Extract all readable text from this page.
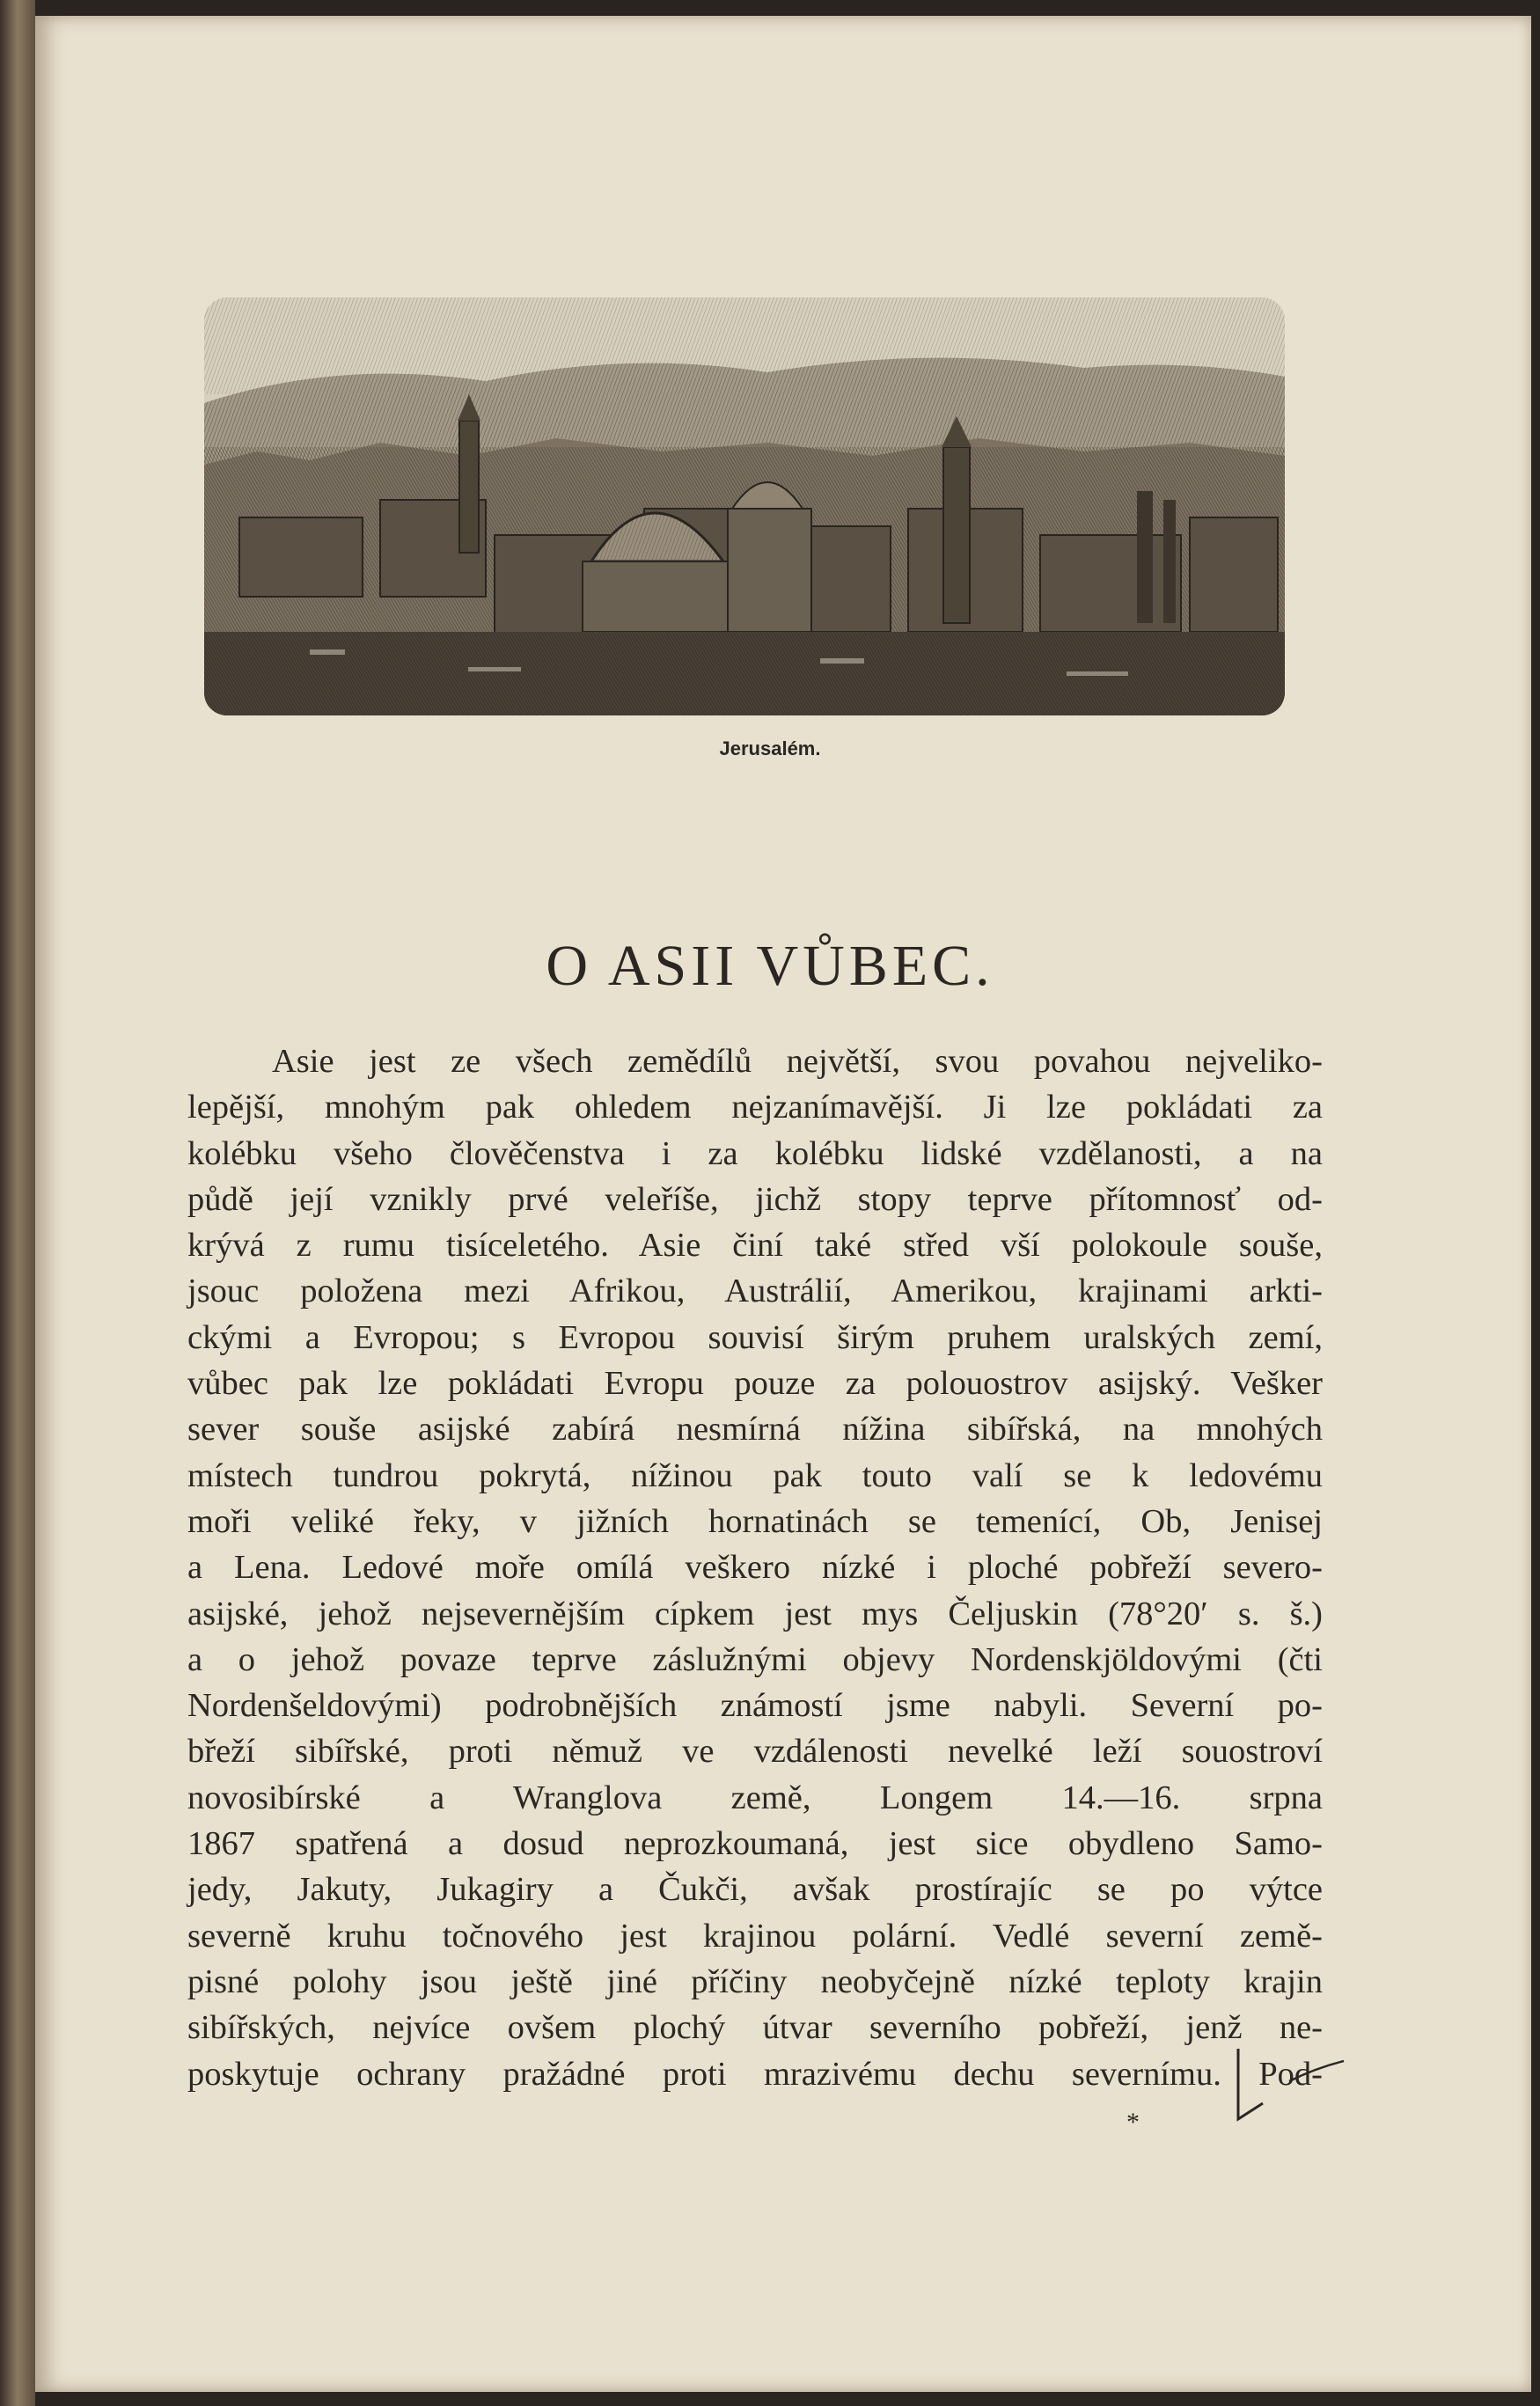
Jerusalém.
O ASII VŮBEC.
Asie jest ze všech zemědílů největší, svou povahou nejveliko-
lepější, mnohým pak ohledem nejzanímavější. Ji lze pokládati za
kolébku všeho člověčenstva i za kolébku lidské vzdělanosti, a na
půdě její vznikly prvé veleříše, jichž stopy teprve přítomnosť od-
krývá z rumu tisíceletého. Asie činí také střed vší polokoule souše,
jsouc položena mezi Afrikou, Austrálií, Amerikou, krajinami arkti-
ckými a Evropou; s Evropou souvisí širým pruhem uralských zemí,
vůbec pak lze pokládati Evropu pouze za polouostrov asijský. Vešker
sever souše asijské zabírá nesmírná nížina sibířská, na mnohých
místech tundrou pokrytá, nížinou pak touto valí se k ledovému
moři veliké řeky, v jižních hornatinách se temenící, Ob, Jenisej
a Lena. Ledové moře omílá veškero nízké i ploché pobřeží severo-
asijské, jehož nejsevernějším cípkem jest mys Čeljuskin (78°20′ s. š.)
a o jehož povaze teprve záslužnými objevy Nordenskjöldovými (čti
Nordenšeldovými) podrobnějších známostí jsme nabyli. Severní po-
břeží sibířské, proti němuž ve vzdálenosti nevelké leží souostroví
novosibírské a Wranglova země, Longem 14.—16. srpna
1867 spatřená a dosud neprozkoumaná, jest sice obydleno Samo-
jedy, Jakuty, Jukagiry a Čukči, avšak prostírajíc se po výtce
severně kruhu točnového jest krajinou polární. Vedlé severní země-
pisné polohy jsou ještě jiné příčiny neobyčejně nízké teploty krajin
sibířských, nejvíce ovšem plochý útvar severního pobřeží, jenž ne-
poskytuje ochrany pražádné proti mrazivému dechu severnímu. Pod-
*
